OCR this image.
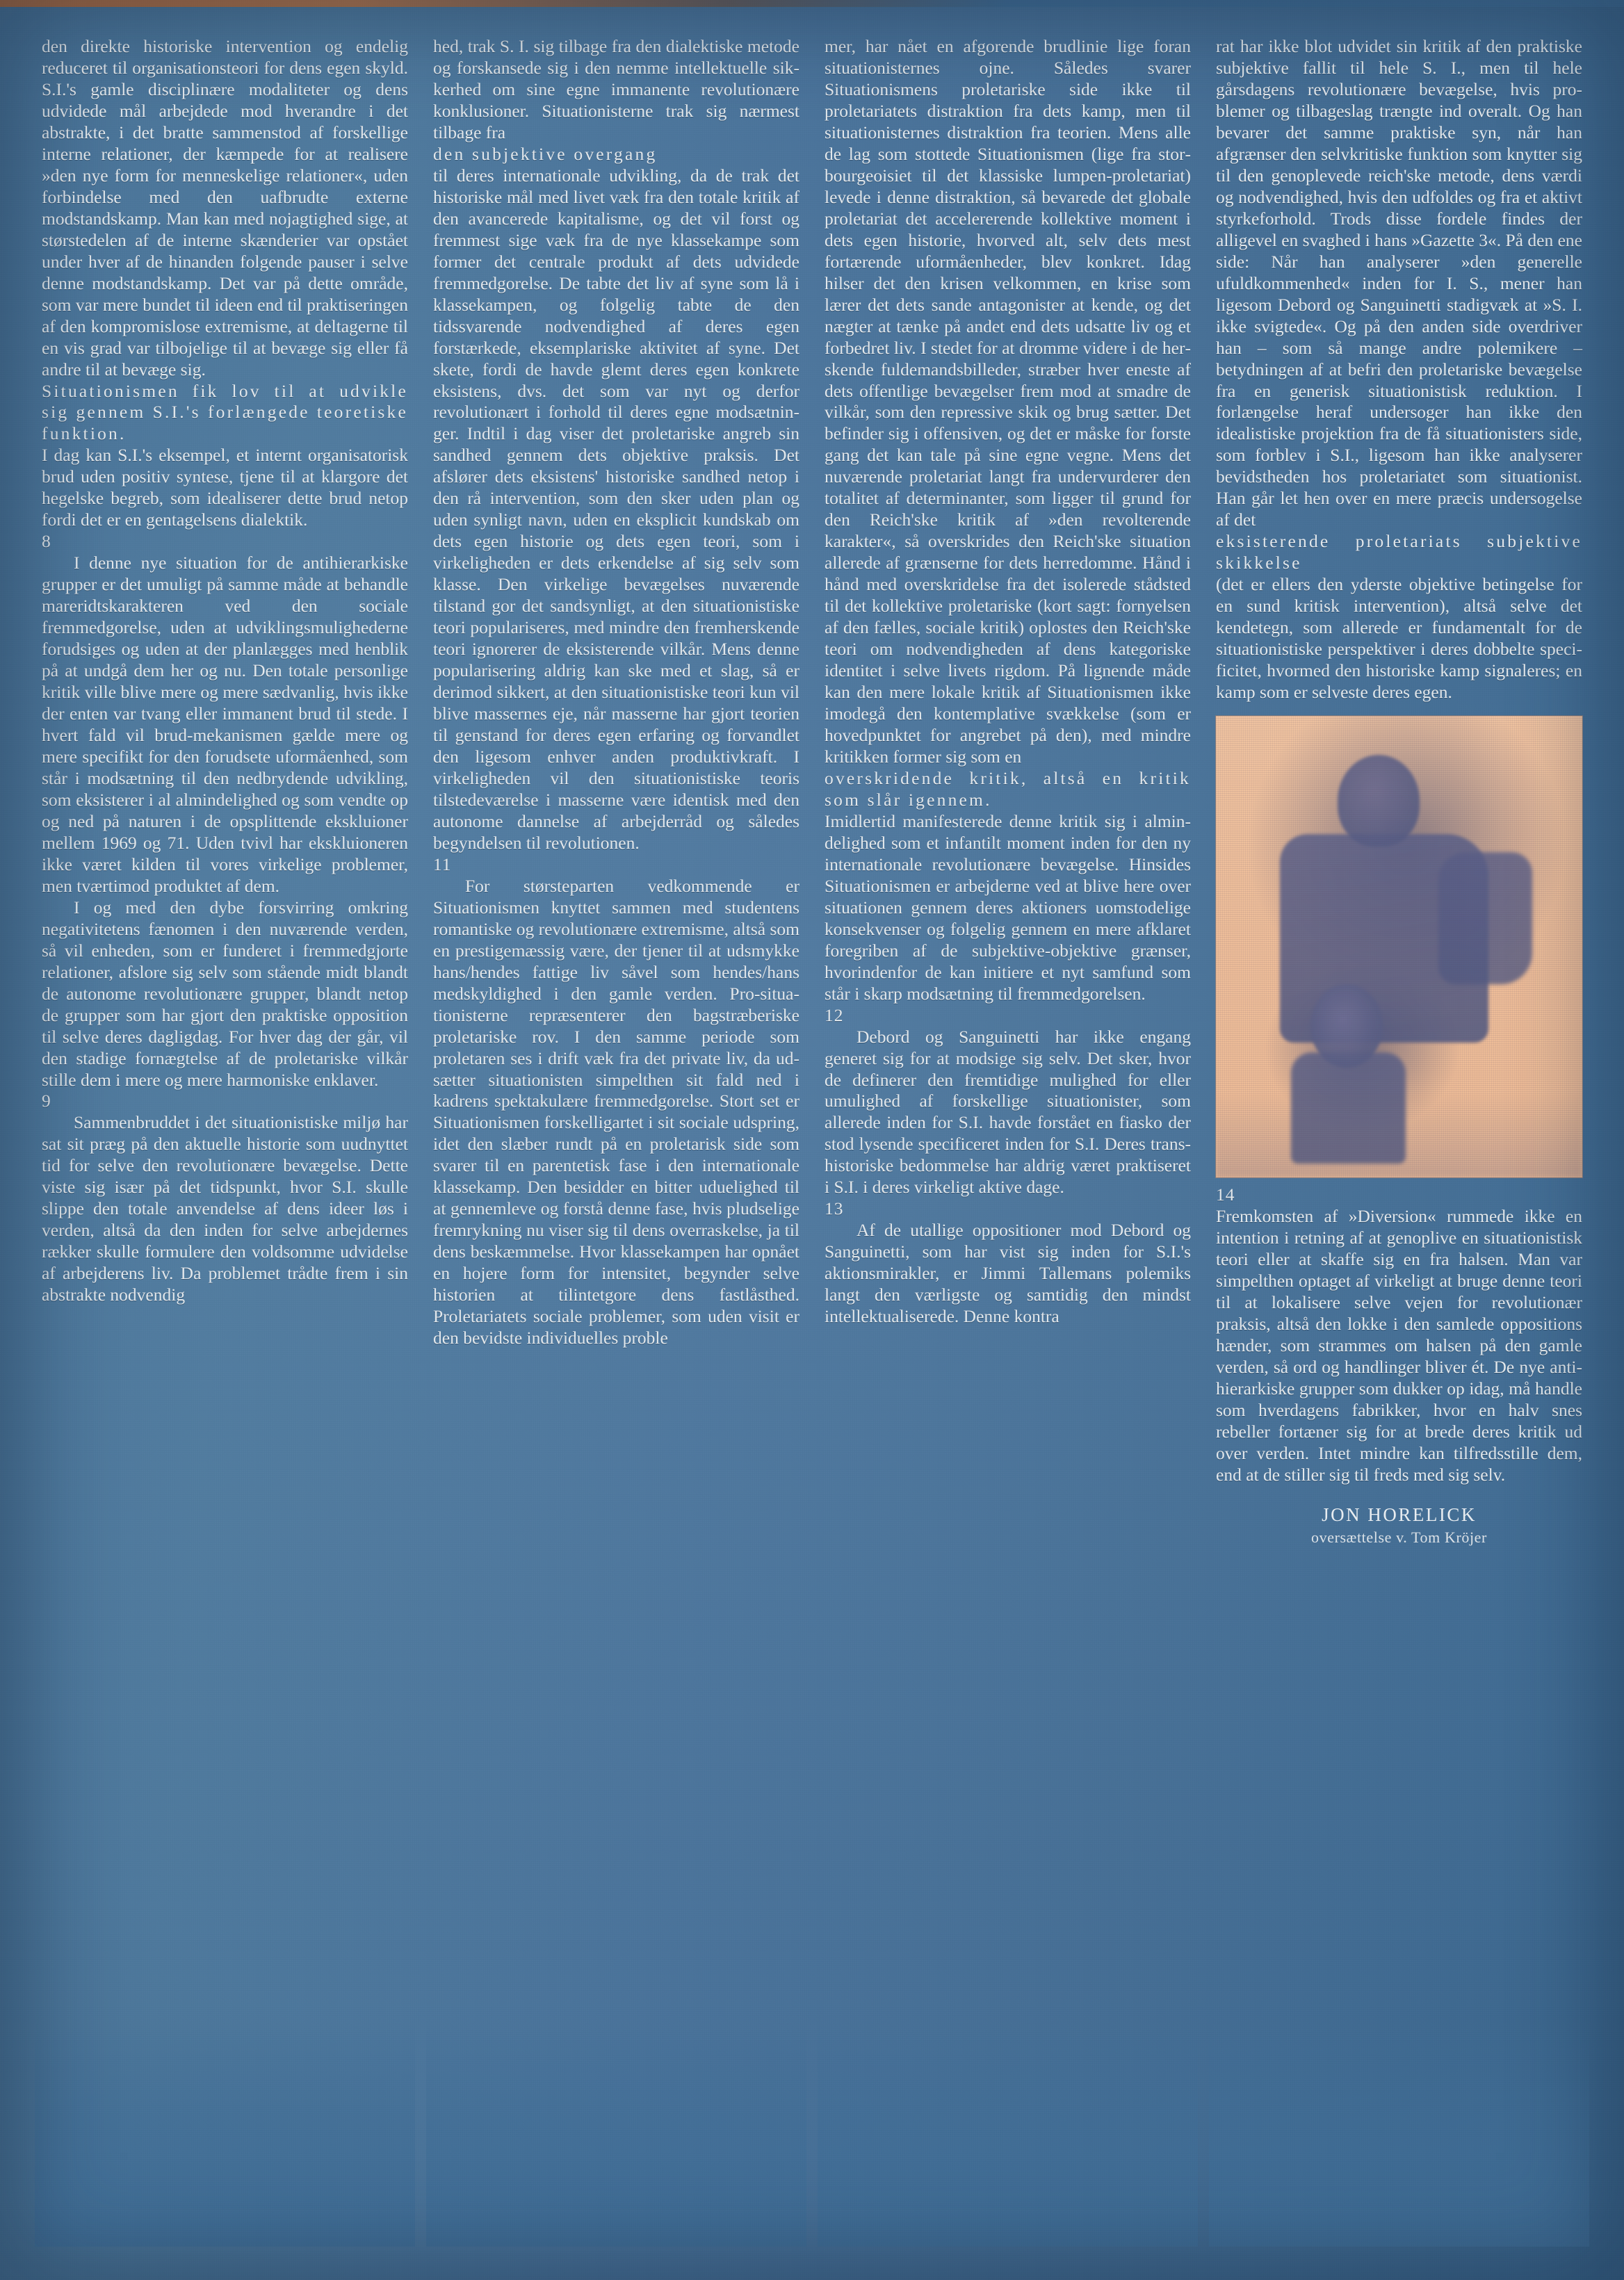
den direkte historiske intervention og endelig reduceret til organisationsteori for dens egen skyld. S.I.'s gamle disciplinære modaliteter og dens udvidede mål arbejdede mod hverandre i det abstrakte, i det bratte sammenstod af forskellige interne relationer, der kæmpede for at realisere »den nye form for menneskelige relationer«, uden forbindelse med den uafbrudte externe modstandskamp. Man kan med nojagtighed sige, at størstedelen af de interne skænderier var opstået under hver af de hinanden folgende pauser i selve denne modstandskamp. Det var på dette område, som var mere bundet til ideen end til praktiseringen af den kompromislose extremisme, at deltagerne til en vis grad var tilbojelige til at bevæge sig eller få andre til at bevæge sig.

Situationismen fik lov til at udvikle sig gennem S.I.'s forlængede teoretiske funktion.

I dag kan S.I.'s eksempel, et internt organisatorisk brud uden positiv syntese, tjene til at klargore det hegelske begreb, som idealiserer dette brud netop fordi det er en gentagelsens dialektik.

8

I denne nye situation for de antihierarkiske grupper er det umuligt på samme måde at behandle mareridtskarakteren ved den sociale fremmedgorelse, uden at udviklingsmulighederne forudsiges og uden at der planlægges med henblik på at undgå dem her og nu. Den totale personlige kritik ville blive mere og mere sædvanlig, hvis ikke der enten var tvang eller immanent brud til stede. I hvert fald vil brud-mekanismen gælde mere og mere specifikt for den forudsete uformåenhed, som står i modsætning til den nedbrydende udvikling, som eksisterer i al almindelighed og som vendte op og ned på naturen i de opsplittende ekskluioner mellem 1969 og 71. Uden tvivl har ekskluioneren ikke været kilden til vores virkelige problemer, men tværtimod produktet af dem.

I og med den dybe forsvirring omkring negativitetens fænomen i den nuværende verden, så vil enheden, som er funderet i fremmedgjorte relationer, afslore sig selv som stående midt blandt de autonome revolutionære grupper, blandt netop de grupper som har gjort den praktiske opposition til selve deres dagligdag. For hver dag der går, vil den stadige fornægtelse af de proletariske vilkår stille dem i mere og mere harmoniske enklaver.

9

Sammenbruddet i det situationistiske miljø har sat sit præg på den aktuelle historie som uudnyttet tid for selve den revolutionære bevægelse. Dette viste sig især på det tidspunkt, hvor S.I. skulle slippe den totale anvendelse af dens ideer løs i verden, altså da den inden for selve arbejdernes rækker skulle formulere den voldsomme udvidelse af arbejderens liv. Da problemet trådte frem i sin abstrakte nodvendig

hed, trak S. I. sig tilbage fra den dialektiske metode og forskansede sig i den nemme intellektuelle sikkerhed om sine egne immanente revolutionære konklusioner. Situationisterne trak sig nærmest tilbage fra

den subjektive overgang

til deres internationale udvikling, da de trak det historiske mål med livet væk fra den totale kritik af den avancerede kapitalisme, og det vil forst og fremmest sige væk fra de nye klassekampe som former det centrale produkt af dets udvidede fremmedgorelse. De tabte det liv af syne som lå i klassekampen, og folgelig tabte de den tidssvarende nodvendighed af deres egen forstærkede, eksemplariske aktivitet af syne. Det skete, fordi de havde glemt deres egen konkrete eksistens, dvs. det som var nyt og derfor revolutionært i forhold til deres egne modsætninger. Indtil i dag viser det proletariske angreb sin sandhed gennem dets objektive praksis. Det afslører dets eksistens' historiske sandhed netop i den rå intervention, som den sker uden plan og uden synligt navn, uden en eksplicit kundskab om dets egen historie og dets egen teori, som i virkeligheden er dets erkendelse af sig selv som klasse. Den virkelige bevægelses nuværende tilstand gor det sandsynligt, at den situationistiske teori populariseres, med mindre den fremherskende teori ignorerer de eksisterende vilkår. Mens denne popularisering aldrig kan ske med et slag, så er derimod sikkert, at den situationistiske teori kun vil blive massernes eje, når masserne har gjort teorien til genstand for deres egen erfaring og forvandlet den ligesom enhver anden produktivkraft. I virkeligheden vil den situationistiske teoris tilstedeværelse i masserne være identisk med den autonome dannelse af arbejderråd og således begyndelsen til revolutionen.

11

For størsteparten vedkommende er Situationismen knyttet sammen med studentens romantiske og revolutionære extremisme, altså som en prestigemæssig være, der tjener til at udsmykke hans/hendes fattige liv såvel som hendes/hans medskyldighed i den gamle verden. Pro-situationisterne repræsenterer den bagstræberiske proletariske rov. I den samme periode som proletaren ses i drift væk fra det private liv, da udsætter situationisten simpelthen sit fald ned i kadrens spektakulære fremmedgorelse. Stort set er Situationismen forskelligartet i sit sociale udspring, idet den slæber rundt på en proletarisk side som svarer til en parentetisk fase i den internationale klassekamp. Den besidder en bitter uduelighed til at gennemleve og forstå denne fase, hvis pludselige fremrykning nu viser sig til dens overraskelse, ja til dens beskæmmelse. Hvor klassekampen har opnået en hojere form for intensitet, begynder selve historien at tilintetgore dens fastlåsthed. Proletariatets sociale problemer, som uden visit er den bevidste individuelles proble

mer, har nået en afgorende brudlinie lige foran situationisternes ojne. Således svarer Situationismens proletariske side ikke til proletariatets distraktion fra dets kamp, men til situationisternes distraktion fra teorien. Mens alle de lag som stottede Situationismen (lige fra storbourgeoisiet til det klassiske lumpen-proletariat) levede i denne distraktion, så bevarede det globale proletariat det accelererende kollektive moment i dets egen historie, hvorved alt, selv dets mest fortærende uformåenheder, blev konkret. Idag hilser det den krisen velkommen, en krise som lærer det dets sande antagonister at kende, og det nægter at tænke på andet end dets udsatte liv og et forbedret liv. I stedet for at dromme videre i de herskende fuldemandsbilleder, stræber hver eneste af dets offentlige bevægelser frem mod at smadre de vilkår, som den repressive skik og brug sætter. Det befinder sig i offensiven, og det er måske for forste gang det kan tale på sine egne vegne. Mens det nuværende proletariat langt fra undervurderer den totalitet af determinanter, som ligger til grund for den Reich'ske kritik af »den revolterende karakter«, så overskrides den Reich'ske situation allerede af grænserne for dets herredomme. Hånd i hånd med overskridelse fra det isolerede stådsted til det kollektive proletariske (kort sagt: fornyelsen af den fælles, sociale kritik) oplostes den Reich'ske teori om nodvendigheden af dens kategoriske identitet i selve livets rigdom. På lignende måde kan den mere lokale kritik af Situationismen ikke imodegå den kontemplative svækkelse (som er hovedpunktet for angrebet på den), med mindre kritikken former sig som en

overskridende kritik, altså en kritik som slår igennem.

Imidlertid manifesterede denne kritik sig i almindelighed som et infantilt moment inden for den ny internationale revolutionære bevægelse. Hinsides Situationismen er arbejderne ved at blive here over situationen gennem deres aktioners uomstodelige konsekvenser og folgelig gennem en mere afklaret foregriben af de subjektive-objektive grænser, hvorindenfor de kan initiere et nyt samfund som står i skarp modsætning til fremmedgorelsen.

12

Debord og Sanguinetti har ikke engang generet sig for at modsige sig selv. Det sker, hvor de definerer den fremtidige mulighed for eller umulighed af forskellige situationister, som allerede inden for S.I. havde forstået en fiasko der stod lysende specificeret inden for S.I. Deres trans-historiske bedommelse har aldrig været praktiseret i S.I. i deres virkeligt aktive dage.

13

Af de utallige oppositioner mod Debord og Sanguinetti, som har vist sig inden for S.I.'s aktionsmirakler, er Jimmi Tallemans polemiks langt den værligste og samtidig den mindst intellektualiserede. Denne kontra

rat har ikke blot udvidet sin kritik af den praktiske subjektive fallit til hele S. I., men til hele gårsdagens revolutionære bevægelse, hvis problemer og tilbageslag trængte ind overalt. Og han bevarer det samme praktiske syn, når han afgrænser den selvkritiske funktion som knytter sig til den genoplevede reich'ske metode, dens værdi og nodvendighed, hvis den udfoldes og fra et aktivt styrkeforhold. Trods disse fordele findes der alligevel en svaghed i hans »Gazette 3«. På den ene side: Når han analyserer »den generelle ufuldkommenhed« inden for I. S., mener han ligesom Debord og Sanguinetti stadigvæk at »S. I. ikke svigtede«. Og på den anden side overdriver han – som så mange andre polemikere – betydningen af at befri den proletariske bevægelse fra en generisk situationistisk reduktion. I forlængelse heraf undersoger han ikke den idealistiske projektion fra de få situationisters side, som forblev i S.I., ligesom han ikke analyserer bevidstheden hos proletariatet som situationist. Han går let hen over en mere præcis undersogelse af det

eksisterende proletariats subjektive skikkelse

(det er ellers den yderste objektive betingelse for en sund kritisk intervention), altså selve det kendetegn, som allerede er fundamentalt for de situationistiske perspektiver i deres dobbelte specificitet, hvormed den historiske kamp signaleres; en kamp som er selveste deres egen.

14

Fremkomsten af »Diversion« rummede ikke en intention i retning af at genoplive en situationistisk teori eller at skaffe sig en fra halsen. Man var simpelthen optaget af virkeligt at bruge denne teori til at lokalisere selve vejen for revolutionær praksis, altså den lokke i den samlede oppositions hænder, som strammes om halsen på den gamle verden, så ord og handlinger bliver ét. De nye anti-hierarkiske grupper som dukker op idag, må handle som hverdagens fabrikker, hvor en halv snes rebeller fortæner sig for at brede deres kritik ud over verden. Intet mindre kan tilfredsstille dem, end at de stiller sig til freds med sig selv.

JON HORELICK
oversættelse v. Tom Kröjer
